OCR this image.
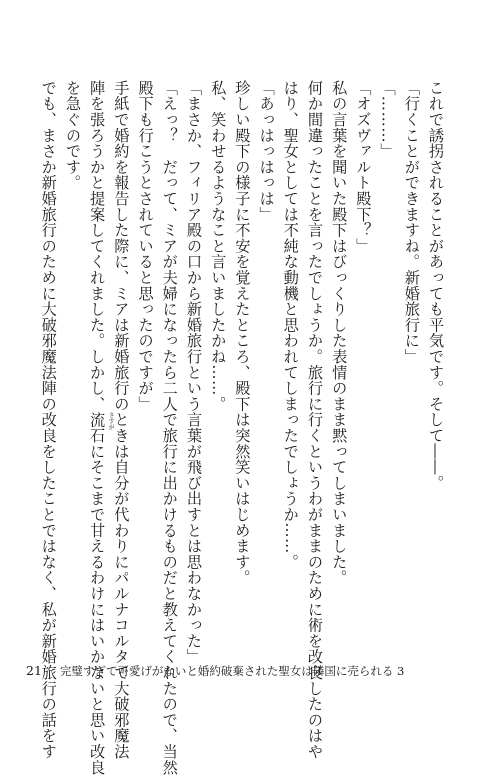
これで誘拐されることがあっても平気です。そして――。
「行くことができますね。新婚旅行に」
「………」
「オズヴァルト殿下？」
私の言葉を聞いた殿下はびっくりした表情のまま黙ってしまいました。
何か間違ったことを言ったでしょうか。旅行に行くというわがままのために術を改良したのはや
はり、聖女としては不純な動機と思われてしまったでしょうか……。
「あっはっはっは」
珍しい殿下の様子に不安を覚えたところ、殿下は突然笑いはじめます。
私、笑わせるようなこと言いましたかね……。
「まさか、フィリア殿の口から新婚旅行という言葉が飛び出すとは思わなかった」
「えっ？　だって、ミアが夫婦になったら二人で旅行に出かけるものだと教えてくれたので、当然
殿下も行こうとされていると思ったのですが」
手紙で婚約を報告した際に、ミアは新婚旅行のときは自分が代わりにパルナコルタで大破邪魔法
陣を張ろうかと提案してくれました。しかし、流石 さすが
にそこまで甘えるわけにはいかないと思い改良
を急ぐのです。
でも、まさか新婚旅行のために大破邪魔法陣の改良をしたことではなく、私が新婚旅行の話をす
21 完璧すぎて可愛げがないと婚約破棄された聖女は隣国に売られる 3
